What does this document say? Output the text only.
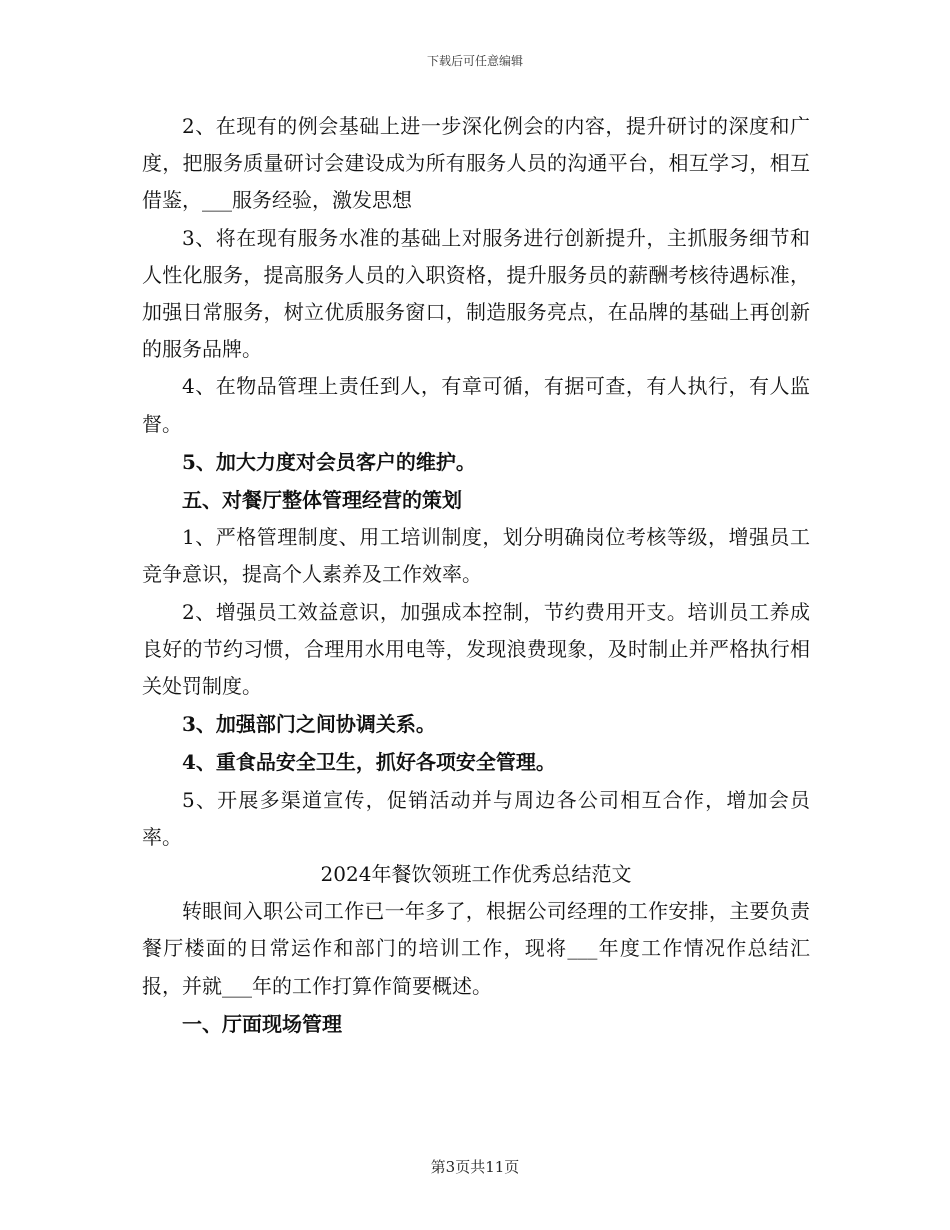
下载后可任意编辑

2、在现有的例会基础上进一步深化例会的内容，提升研讨的深度和广度，把服务质量研讨会建设成为所有服务人员的沟通平台，相互学习，相互借鉴，___服务经验，激发思想

3、将在现有服务水准的基础上对服务进行创新提升，主抓服务细节和人性化服务，提高服务人员的入职资格，提升服务员的薪酬考核待遇标准，加强日常服务，树立优质服务窗口，制造服务亮点，在品牌的基础上再创新的服务品牌。

4、在物品管理上责任到人，有章可循，有据可查，有人执行，有人监督。

5、加大力度对会员客户的维护。

五、对餐厅整体管理经营的策划

1、严格管理制度、用工培训制度，划分明确岗位考核等级，增强员工竞争意识，提高个人素养及工作效率。

2、增强员工效益意识，加强成本控制，节约费用开支。培训员工养成良好的节约习惯，合理用水用电等，发现浪费现象，及时制止并严格执行相关处罚制度。

3、加强部门之间协调关系。

4、重食品安全卫生，抓好各项安全管理。

5、开展多渠道宣传，促销活动并与周边各公司相互合作，增加会员率。

2024年餐饮领班工作优秀总结范文

转眼间入职公司工作已一年多了，根据公司经理的工作安排，主要负责餐厅楼面的日常运作和部门的培训工作，现将___年度工作情况作总结汇报，并就___年的工作打算作简要概述。

一、厅面现场管理

第3页共11页
